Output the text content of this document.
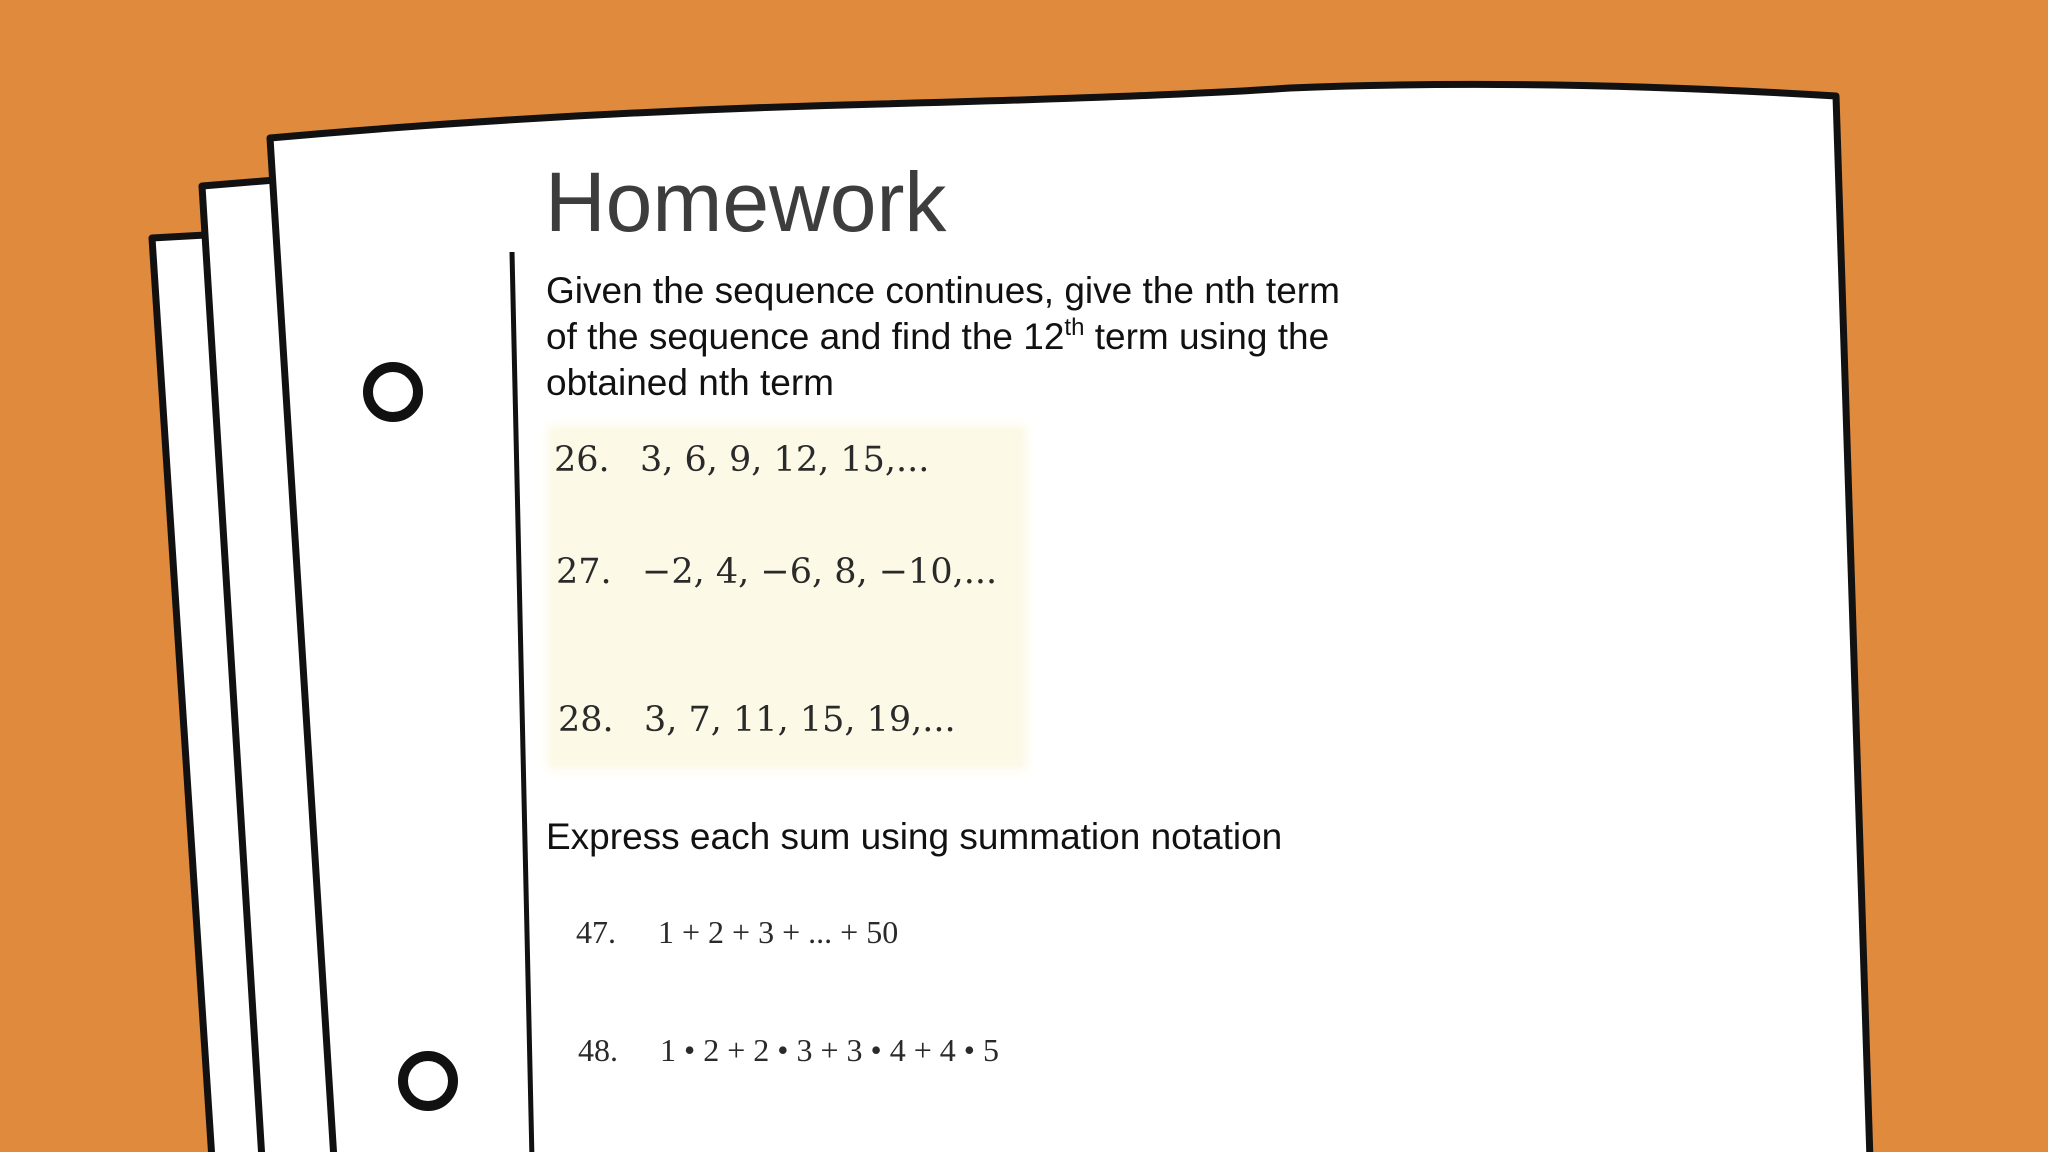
Homework
Given the sequence continues, give the nth term of the sequence and find the 12th term using the obtained nth term
26. 3, 6, 9, 12, 15,...
27. −2, 4, −6, 8, −10,...
28. 3, 7, 11, 15, 19,...
Express each sum using summation notation
47. 1 + 2 + 3 + ... + 50
48. 1 • 2 + 2 • 3 + 3 • 4 + 4 • 5
